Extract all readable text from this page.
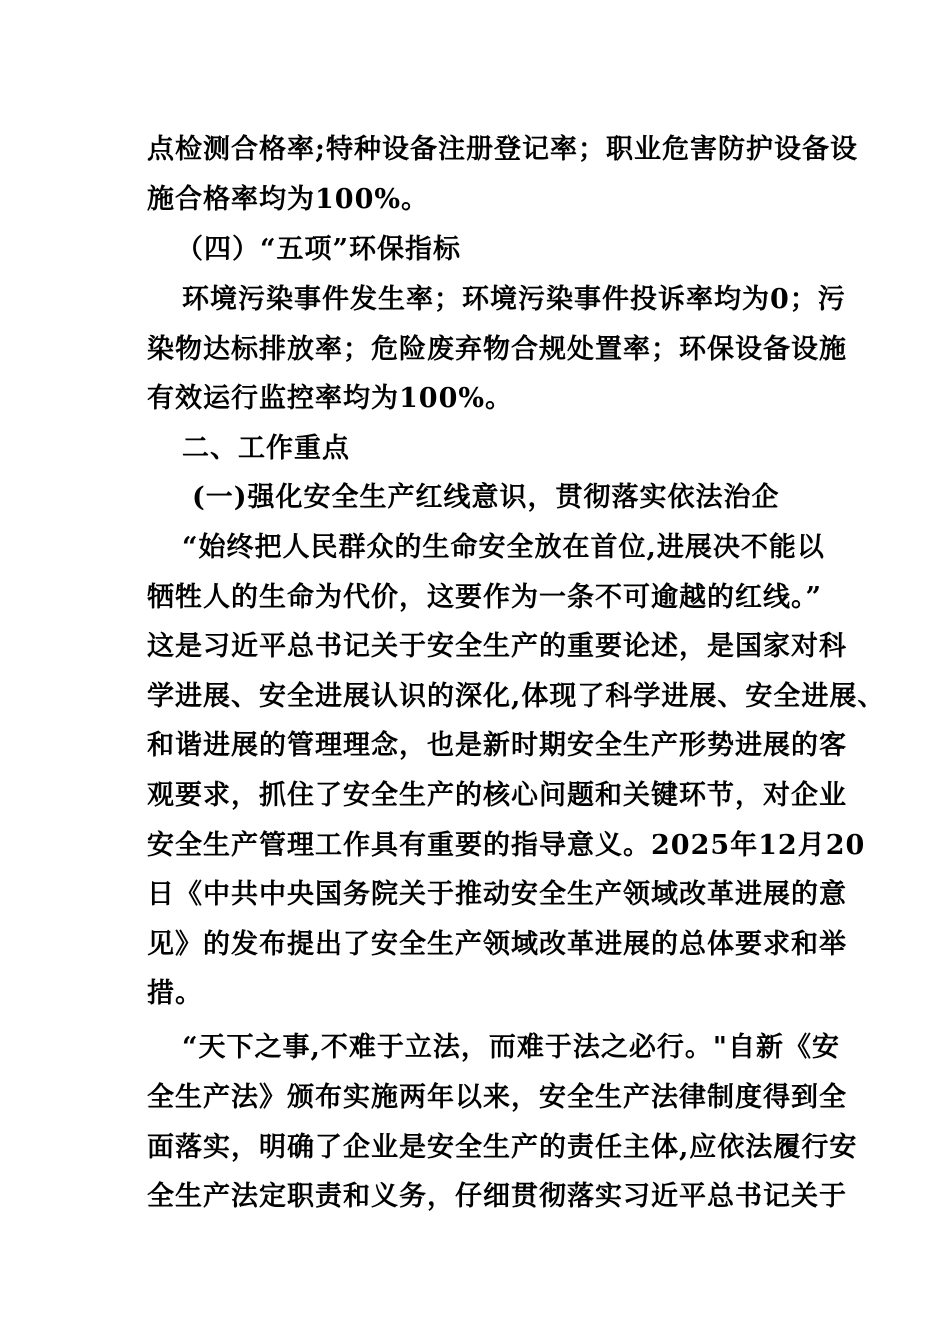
点检测合格率;特种设备注册登记率；职业危害防护设备设
施合格率均为100%。
（四）“五项”环保指标
环境污染事件发生率；环境污染事件投诉率均为0；污
染物达标排放率；危险废弃物合规处置率；环保设备设施
有效运行监控率均为100%。
二、工作重点
(一)强化安全生产红线意识，贯彻落实依法治企
“始终把人民群众的生命安全放在首位,进展决不能以
牺牲人的生命为代价，这要作为一条不可逾越的红线。”
这是习近平总书记关于安全生产的重要论述，是国家对科
学进展、安全进展认识的深化,体现了科学进展、安全进展、
和谐进展的管理理念，也是新时期安全生产形势进展的客
观要求，抓住了安全生产的核心问题和关键环节，对企业
安全生产管理工作具有重要的指导意义。2025年12月20
日《中共中央国务院关于推动安全生产领域改革进展的意
见》的发布提出了安全生产领域改革进展的总体要求和举
措。
“天下之事,不难于立法，而难于法之必行。"自新《安
全生产法》颁布实施两年以来，安全生产法律制度得到全
面落实，明确了企业是安全生产的责任主体,应依法履行安
全生产法定职责和义务，仔细贯彻落实习近平总书记关于
